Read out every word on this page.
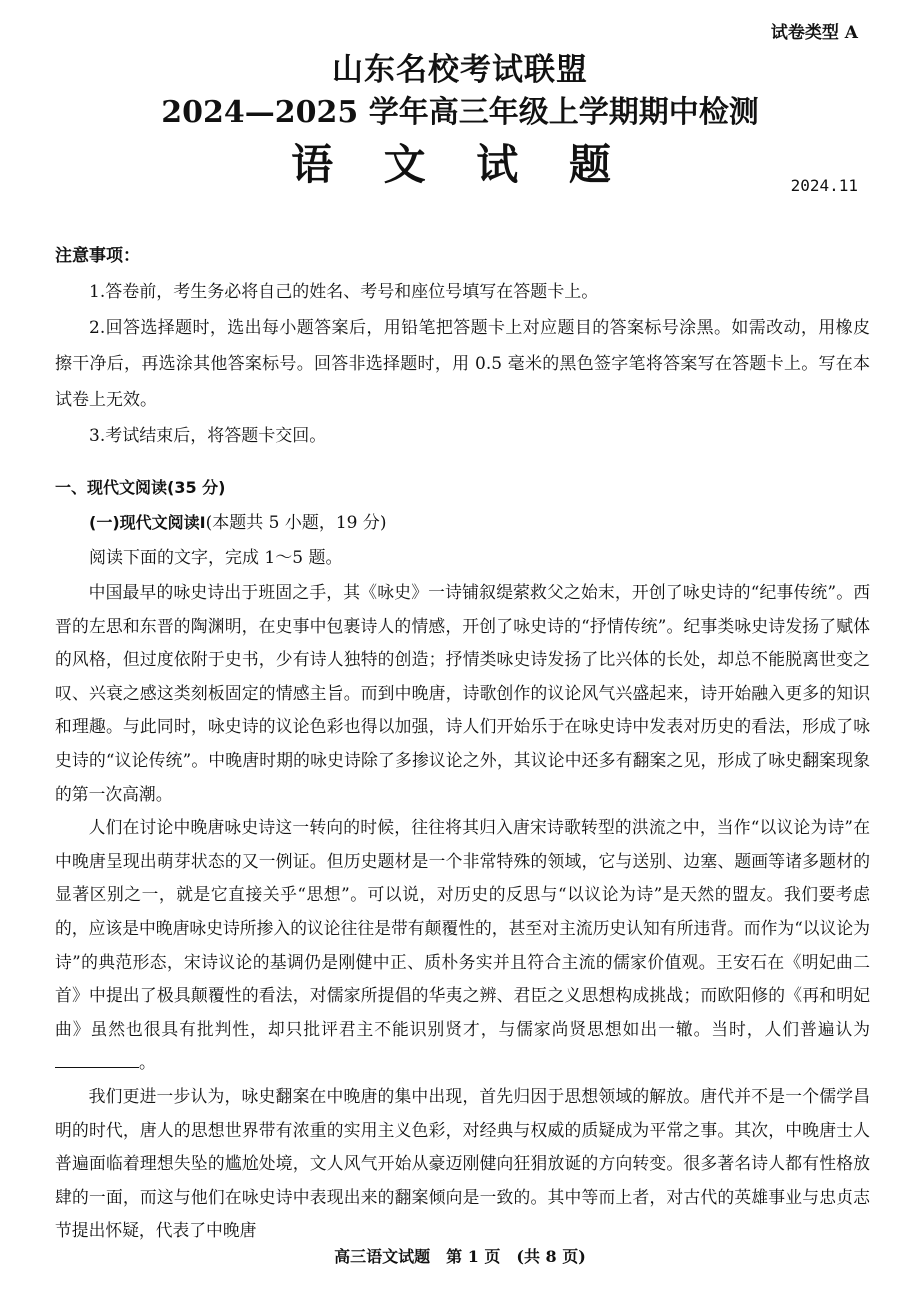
试卷类型 A
山东名校考试联盟
2024—2025 学年高三年级上学期期中检测
语 文 试 题	2024.11
注意事项：

1.答卷前，考生务必将自己的姓名、考号和座位号填写在答题卡上。

2.回答选择题时，选出每小题答案后，用铅笔把答题卡上对应题目的答案标号涂黑。如需改动，用橡皮擦干净后，再选涂其他答案标号。回答非选择题时，用 0.5 毫米的黑色签字笔将答案写在答题卡上。写在本试卷上无效。

3.考试结束后，将答题卡交回。

一、现代文阅读(35 分)
(一)现代文阅读Ⅰ(本题共 5 小题，19 分)
阅读下面的文字，完成 1～5 题。

中国最早的咏史诗出于班固之手，其《咏史》一诗铺叙缇萦救父之始末，开创了咏史诗的“纪事传统”。西晋的左思和东晋的陶渊明，在史事中包裹诗人的情感，开创了咏史诗的“抒情传统”。纪事类咏史诗发扬了赋体的风格，但过度依附于史书，少有诗人独特的创造；抒情类咏史诗发扬了比兴体的长处，却总不能脱离世变之叹、兴衰之感这类刻板固定的情感主旨。而到中晚唐，诗歌创作的议论风气兴盛起来，诗开始融入更多的知识和理趣。与此同时，咏史诗的议论色彩也得以加强，诗人们开始乐于在咏史诗中发表对历史的看法，形成了咏史诗的“议论传统”。中晚唐时期的咏史诗除了多掺议论之外，其议论中还多有翻案之见，形成了咏史翻案现象的第一次高潮。

人们在讨论中晚唐咏史诗这一转向的时候，往往将其归入唐宋诗歌转型的洪流之中，当作“以议论为诗”在中晚唐呈现出萌芽状态的又一例证。但历史题材是一个非常特殊的领域，它与送别、边塞、题画等诸多题材的显著区别之一，就是它直接关乎“思想”。可以说，对历史的反思与“以议论为诗”是天然的盟友。我们要考虑的，应该是中晚唐咏史诗所掺入的议论往往是带有颠覆性的，甚至对主流历史认知有所违背。而作为“以议论为诗”的典范形态，宋诗议论的基调仍是刚健中正、质朴务实并且符合主流的儒家价值观。王安石在《明妃曲二首》中提出了极具颠覆性的看法，对儒家所提倡的华夷之辨、君臣之义思想构成挑战；而欧阳修的《再和明妃曲》虽然也很具有批判性，却只批评君主不能识别贤才，与儒家尚贤思想如出一辙。当时，人们普遍认为。

我们更进一步认为，咏史翻案在中晚唐的集中出现，首先归因于思想领域的解放。唐代并不是一个儒学昌明的时代，唐人的思想世界带有浓重的实用主义色彩，对经典与权威的质疑成为平常之事。其次，中晚唐士人普遍面临着理想失坠的尴尬处境，文人风气开始从豪迈刚健向狂狷放诞的方向转变。很多著名诗人都有性格放肆的一面，而这与他们在咏史诗中表现出来的翻案倾向是一致的。其中等而上者，对古代的英雄事业与忠贞志节提出怀疑，代表了中晚唐

高三语文试题　第 1 页　(共 8 页)
